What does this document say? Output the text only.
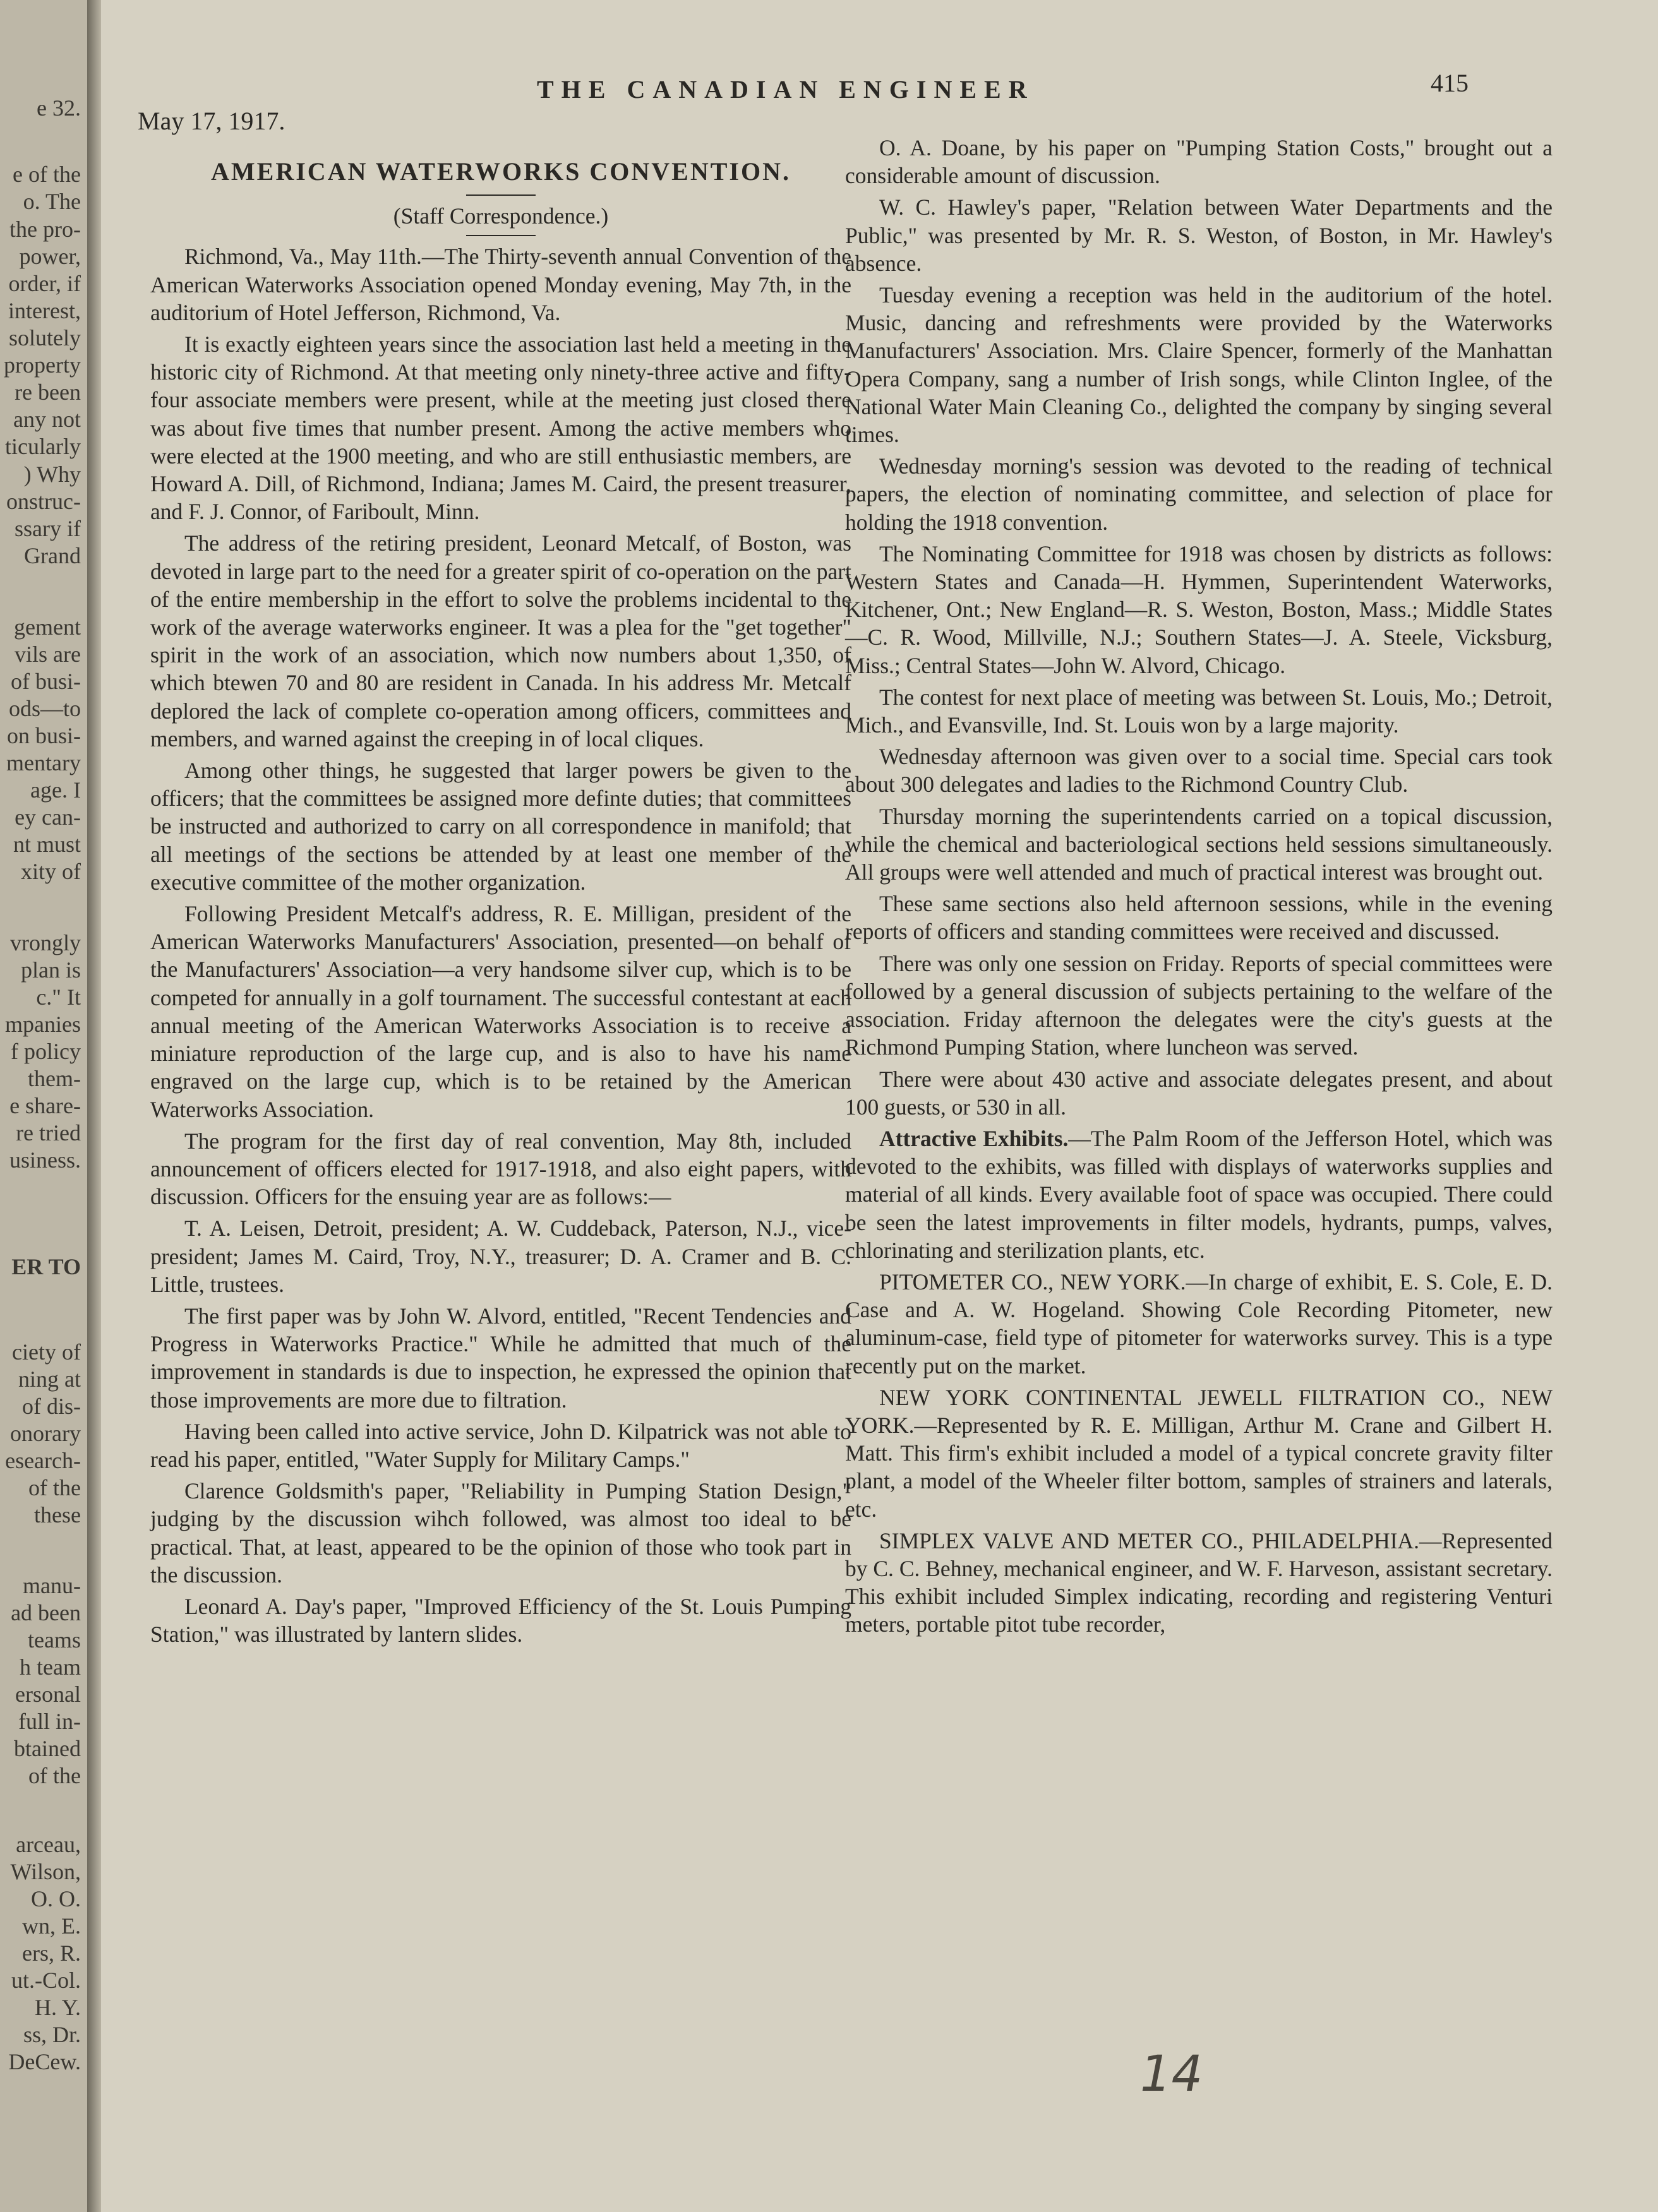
e 32.
e of the
o. The
the pro-
power,
order, if
interest,
solutely
property
re been
any not
ticularly
) Why
onstruc-
ssary if
Grand
gement
vils are
of busi-
ods—to
on busi-
mentary
age. I
ey can-
nt must
xity of
vrongly
plan is
c." It
mpanies
f policy
them-
e share-
re tried
usiness.
ER TO
ciety of
ning at
of dis-
onorary
esearch-
of the
these
manu-
ad been
teams
h team
ersonal
full in-
btained
of the
arceau,
Wilson,
O. O.
wn, E.
ers, R.
ut.-Col.
H. Y.
ss, Dr.
DeCew.
May 17, 1917.
THE CANADIAN ENGINEER	415

AMERICAN WATERWORKS CONVENTION.

(Staff Correspondence.)

Richmond, Va., May 11th.—The Thirty-seventh annual Convention of the American Waterworks Association opened Monday evening, May 7th, in the auditorium of Hotel Jefferson, Richmond, Va.

It is exactly eighteen years since the association last held a meeting in the historic city of Richmond. At that meeting only ninety-three active and fifty-four associate members were present, while at the meeting just closed there was about five times that number present. Among the active members who were elected at the 1900 meeting, and who are still enthusiastic members, are Howard A. Dill, of Richmond, Indiana; James M. Caird, the present treasurer, and F. J. Connor, of Fariboult, Minn.

The address of the retiring president, Leonard Metcalf, of Boston, was devoted in large part to the need for a greater spirit of co-operation on the part of the entire membership in the effort to solve the problems incidental to the work of the average waterworks engineer. It was a plea for the "get together" spirit in the work of an association, which now numbers about 1,350, of which btewen 70 and 80 are resident in Canada. In his address Mr. Metcalf deplored the lack of complete co-operation among officers, committees and members, and warned against the creeping in of local cliques.

Among other things, he suggested that larger powers be given to the officers; that the committees be assigned more definte duties; that committees be instructed and authorized to carry on all correspondence in manifold; that all meetings of the sections be attended by at least one member of the executive committee of the mother organization.

Following President Metcalf's address, R. E. Milligan, president of the American Waterworks Manufacturers' Association, presented—on behalf of the Manufacturers' Association—a very handsome silver cup, which is to be competed for annually in a golf tournament. The successful contestant at each annual meeting of the American Waterworks Association is to receive a miniature reproduction of the large cup, and is also to have his name engraved on the large cup, which is to be retained by the American Waterworks Association.

The program for the first day of real convention, May 8th, included announcement of officers elected for 1917-1918, and also eight papers, with discussion. Officers for the ensuing year are as follows:—

T. A. Leisen, Detroit, president; A. W. Cuddeback, Paterson, N.J., vice-president; James M. Caird, Troy, N.Y., treasurer; D. A. Cramer and B. C. Little, trustees.

The first paper was by John W. Alvord, entitled, "Recent Tendencies and Progress in Waterworks Practice." While he admitted that much of the improvement in standards is due to inspection, he expressed the opinion that those improvements are more due to filtration.

Having been called into active service, John D. Kilpatrick was not able to read his paper, entitled, "Water Supply for Military Camps."

Clarence Goldsmith's paper, "Reliability in Pumping Station Design," judging by the discussion wihch followed, was almost too ideal to be practical. That, at least, appeared to be the opinion of those who took part in the discussion.

Leonard A. Day's paper, "Improved Efficiency of the St. Louis Pumping Station," was illustrated by lantern slides.

O. A. Doane, by his paper on "Pumping Station Costs," brought out a considerable amount of discussion.

W. C. Hawley's paper, "Relation between Water Departments and the Public," was presented by Mr. R. S. Weston, of Boston, in Mr. Hawley's absence.

Tuesday evening a reception was held in the auditorium of the hotel. Music, dancing and refreshments were provided by the Waterworks Manufacturers' Association. Mrs. Claire Spencer, formerly of the Manhattan Opera Company, sang a number of Irish songs, while Clinton Inglee, of the National Water Main Cleaning Co., delighted the company by singing several times.

Wednesday morning's session was devoted to the reading of technical papers, the election of nominating committee, and selection of place for holding the 1918 convention.

The Nominating Committee for 1918 was chosen by districts as follows: Western States and Canada—H. Hymmen, Superintendent Waterworks, Kitchener, Ont.; New England—R. S. Weston, Boston, Mass.; Middle States—C. R. Wood, Millville, N.J.; Southern States—J. A. Steele, Vicksburg, Miss.; Central States—John W. Alvord, Chicago.

The contest for next place of meeting was between St. Louis, Mo.; Detroit, Mich., and Evansville, Ind. St. Louis won by a large majority.

Wednesday afternoon was given over to a social time. Special cars took about 300 delegates and ladies to the Richmond Country Club.

Thursday morning the superintendents carried on a topical discussion, while the chemical and bacteriological sections held sessions simultaneously. All groups were well attended and much of practical interest was brought out.

These same sections also held afternoon sessions, while in the evening reports of officers and standing committees were received and discussed.

There was only one session on Friday. Reports of special committees were followed by a general discussion of subjects pertaining to the welfare of the association. Friday afternoon the delegates were the city's guests at the Richmond Pumping Station, where luncheon was served.

There were about 430 active and associate delegates present, and about 100 guests, or 530 in all.

Attractive Exhibits.—The Palm Room of the Jefferson Hotel, which was devoted to the exhibits, was filled with displays of waterworks supplies and material of all kinds. Every available foot of space was occupied. There could be seen the latest improvements in filter models, hydrants, pumps, valves, chlorinating and sterilization plants, etc.

PITOMETER CO., NEW YORK.—In charge of exhibit, E. S. Cole, E. D. Case and A. W. Hogeland. Showing Cole Recording Pitometer, new aluminum-case, field type of pitometer for waterworks survey. This is a type recently put on the market.

NEW YORK CONTINENTAL JEWELL FILTRATION CO., NEW YORK.—Represented by R. E. Milligan, Arthur M. Crane and Gilbert H. Matt. This firm's exhibit included a model of a typical concrete gravity filter plant, a model of the Wheeler filter bottom, samples of strainers and laterals, etc.

SIMPLEX VALVE AND METER CO., PHILADELPHIA.—Represented by C. C. Behney, mechanical engineer, and W. F. Harveson, assistant secretary. This exhibit included Simplex indicating, recording and registering Venturi meters, portable pitot tube recorder,

14
